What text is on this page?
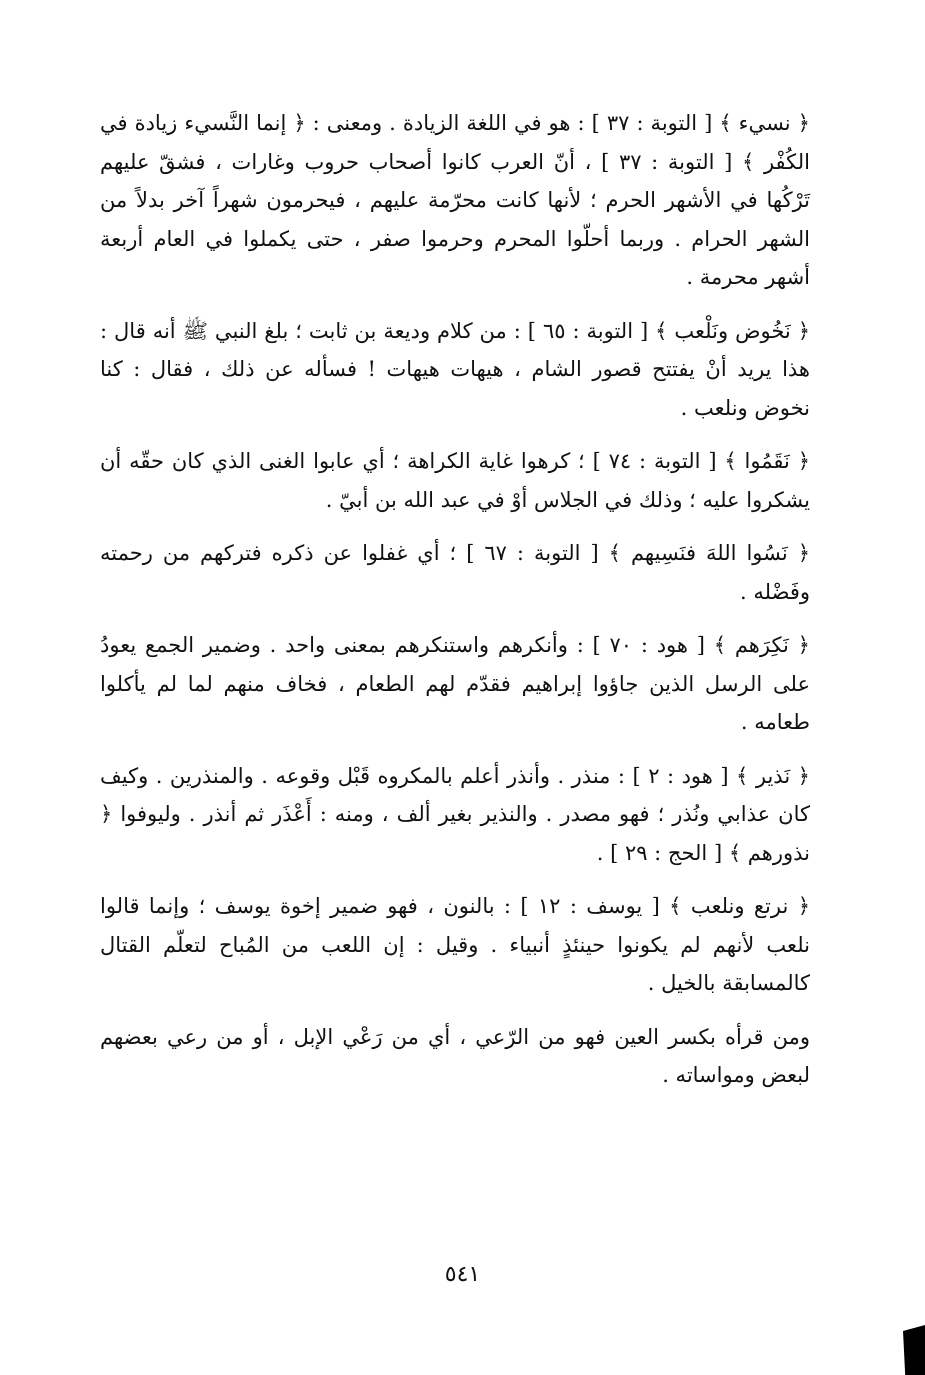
﴿ نسيء ﴾ [ التوبة : ٣٧ ] : هو في اللغة الزيادة . ومعنى : ﴿ إنما النَّسيء زيادة في الكُفْر ﴾ [ التوبة : ٣٧ ] ، أنّ العرب كانوا أصحاب حروب وغارات ، فشقّ عليهم تَرْكُها في الأشهر الحرم ؛ لأنها كانت محرّمة عليهم ، فيحرمون شهراً آخر بدلاً من الشهر الحرام . وربما أحلّوا المحرم وحرموا صفر ، حتى يكملوا في العام أربعة أشهر محرمة .

﴿ نَخُوض ونَلْعب ﴾ [ التوبة : ٦٥ ] : من كلام وديعة بن ثابت ؛ بلغ النبي ﷺ أنه قال : هذا يريد أنْ يفتتح قصور الشام ، هيهات هيهات ! فسأله عن ذلك ، فقال : كنا نخوض ونلعب .

﴿ نَقَمُوا ﴾ [ التوبة : ٧٤ ] ؛ كرهوا غاية الكراهة ؛ أي عابوا الغنى الذي كان حقّه أن يشكروا عليه ؛ وذلك في الجلاس أوْ في عبد الله بن أبيّ .

﴿ نَسُوا اللهَ فنَسِيهم ﴾ [ التوبة : ٦٧ ] ؛ أي غفلوا عن ذكره فتركهم من رحمته وفَضْله .

﴿ نَكِرَهم ﴾ [ هود : ٧٠ ] : وأنكرهم واستنكرهم بمعنى واحد . وضمير الجمع يعودُ على الرسل الذين جاؤوا إبراهيم فقدّم لهم الطعام ، فخاف منهم لما لم يأكلوا طعامه .

﴿ نَذير ﴾ [ هود : ٢ ] : منذر . وأنذر أعلم بالمكروه قَبْل وقوعه . والمنذرين . وكيف كان عذابي ونُذر ؛ فهو مصدر . والنذير بغير ألف ، ومنه : أَعْذَر ثم أنذر . وليوفوا ﴿ نذورهم ﴾ [ الحج : ٢٩ ] .

﴿ نرتع ونلعب ﴾ [ يوسف : ١٢ ] : بالنون ، فهو ضمير إخوة يوسف ؛ وإنما قالوا نلعب لأنهم لم يكونوا حينئذٍ أنبياء . وقيل : إن اللعب من المُباح لتعلّم القتال كالمسابقة بالخيل .

ومن قرأه بكسر العين فهو من الرّعي ، أي من رَعْي الإبل ، أو من رعي بعضهم لبعض ومواساته .

٥٤١
